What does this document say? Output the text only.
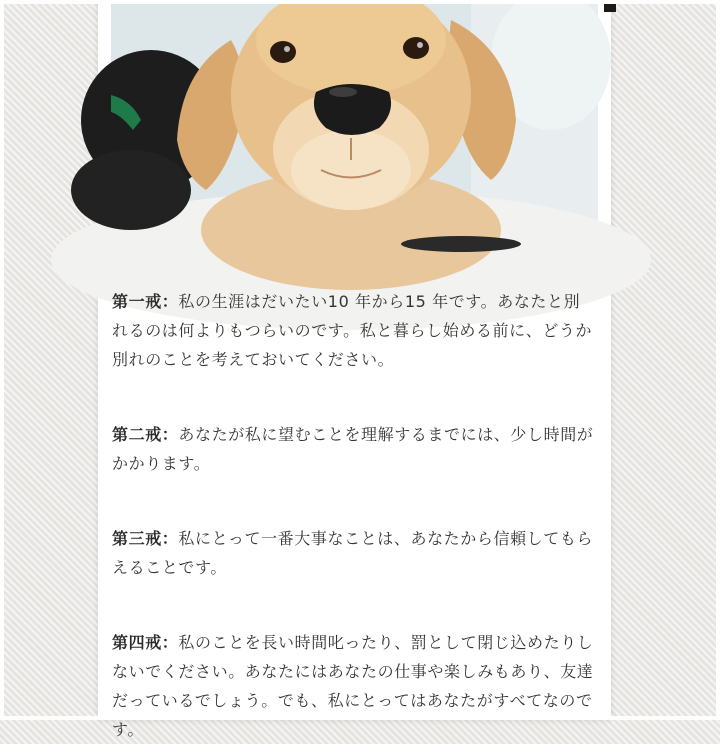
第一戒：私の生涯はだいたい10 年から15 年です。あなたと別れるのは何よりもつらいのです。私と暮らし始める前に、どうか別れのことを考えておいてください。

第二戒：あなたが私に望むことを理解するまでには、少し時間がかかります。

第三戒：私にとって一番大事なことは、あなたから信頼してもらえることです。

第四戒：私のことを長い時間叱ったり、罰として閉じ込めたりしないでください。あなたにはあなたの仕事や楽しみもあり、友達だっているでしょう。でも、私にとってはあなたがすべてなのです。
